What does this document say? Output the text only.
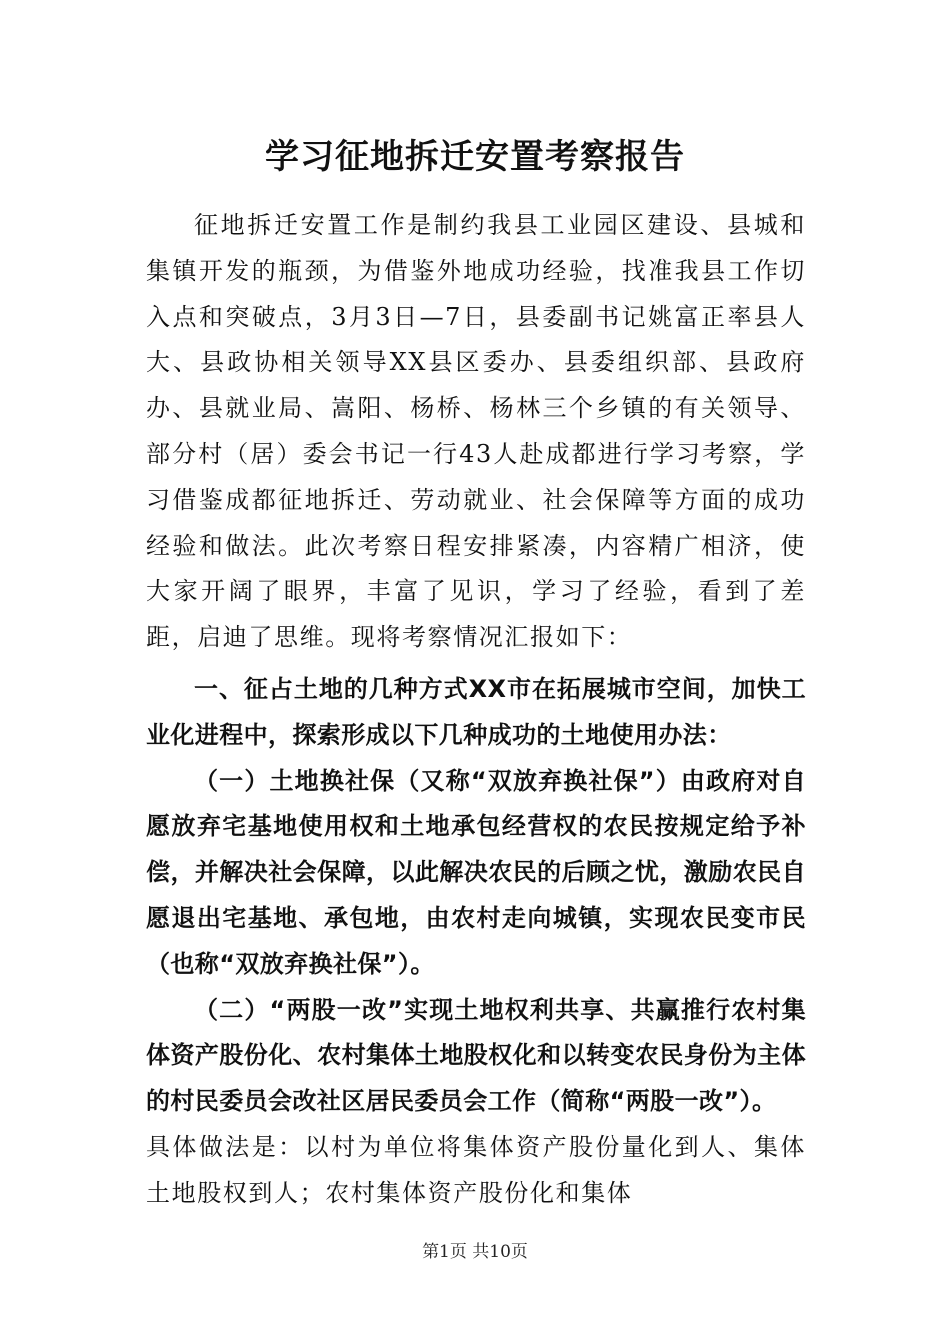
学习征地拆迁安置考察报告

征地拆迁安置工作是制约我县工业园区建设、县城和集镇开发的瓶颈，为借鉴外地成功经验，找准我县工作切入点和突破点，3月3日—7日，县委副书记姚富正率县人大、县政协相关领导XX县区委办、县委组织部、县政府办、县就业局、嵩阳、杨桥、杨林三个乡镇的有关领导、部分村（居）委会书记一行43人赴成都进行学习考察，学习借鉴成都征地拆迁、劳动就业、社会保障等方面的成功经验和做法。此次考察日程安排紧凑，内容精广相济，使大家开阔了眼界，丰富了见识，学习了经验，看到了差距，启迪了思维。现将考察情况汇报如下：

一、征占土地的几种方式XX市在拓展城市空间，加快工业化进程中，探索形成以下几种成功的土地使用办法：

（一）土地换社保（又称“双放弃换社保”）由政府对自愿放弃宅基地使用权和土地承包经营权的农民按规定给予补偿，并解决社会保障，以此解决农民的后顾之忧，激励农民自愿退出宅基地、承包地，由农村走向城镇，实现农民变市民（也称“双放弃换社保”）。

（二）“两股一改”实现土地权利共享、共赢推行农村集体资产股份化、农村集体土地股权化和以转变农民身份为主体的村民委员会改社区居民委员会工作（简称“两股一改”）。

具体做法是：以村为单位将集体资产股份量化到人、集体土地股权到人；农村集体资产股份化和集体

第1页 共10页
